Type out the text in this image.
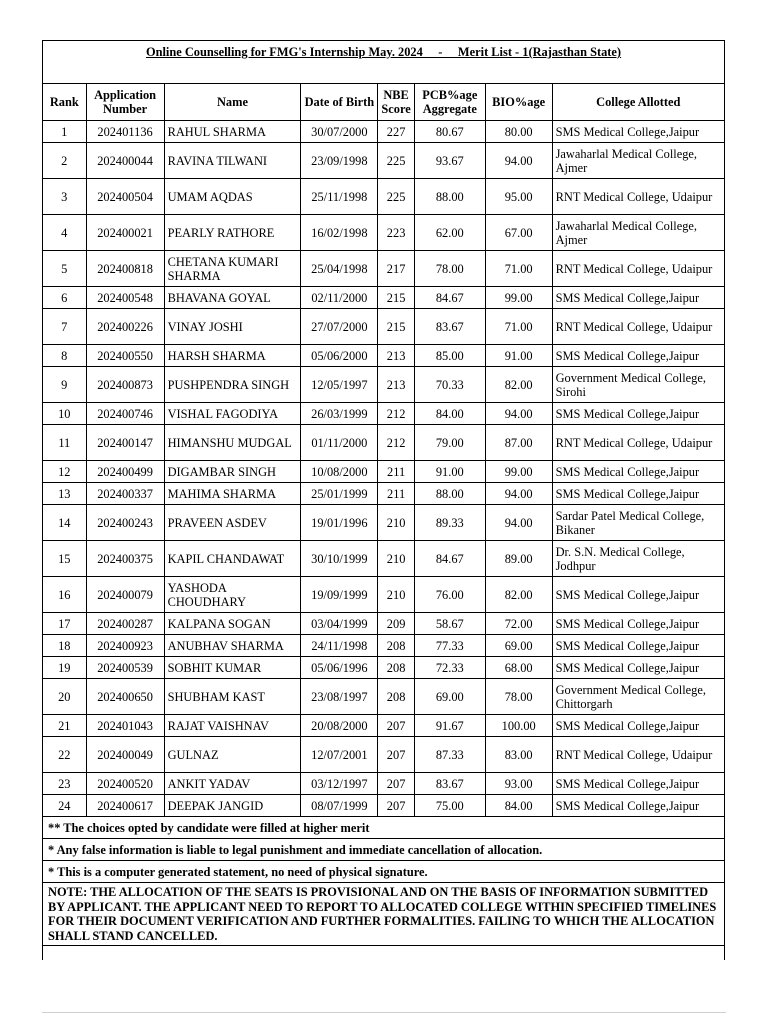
Online Counselling for FMG's Internship May. 2024     -     Merit List - 1(Rajasthan State)							
Rank	Application Number	Name	Date of Birth	NBE Score	PCB%age Aggregate	BIO%age	College Allotted
1	202401136	RAHUL SHARMA	30/07/2000	227	80.67	80.00	SMS Medical College,Jaipur
2	202400044	RAVINA TILWANI	23/09/1998	225	93.67	94.00	Jawaharlal Medical College, Ajmer
3	202400504	UMAM AQDAS	25/11/1998	225	88.00	95.00	RNT Medical College, Udaipur
4	202400021	PEARLY RATHORE	16/02/1998	223	62.00	67.00	Jawaharlal Medical College, Ajmer
5	202400818	CHETANA KUMARI SHARMA	25/04/1998	217	78.00	71.00	RNT Medical College, Udaipur
6	202400548	BHAVANA GOYAL	02/11/2000	215	84.67	99.00	SMS Medical College,Jaipur
7	202400226	VINAY JOSHI	27/07/2000	215	83.67	71.00	RNT Medical College, Udaipur
8	202400550	HARSH SHARMA	05/06/2000	213	85.00	91.00	SMS Medical College,Jaipur
9	202400873	PUSHPENDRA SINGH	12/05/1997	213	70.33	82.00	Government Medical College, Sirohi
10	202400746	VISHAL FAGODIYA	26/03/1999	212	84.00	94.00	SMS Medical College,Jaipur
11	202400147	HIMANSHU MUDGAL	01/11/2000	212	79.00	87.00	RNT Medical College, Udaipur
12	202400499	DIGAMBAR SINGH	10/08/2000	211	91.00	99.00	SMS Medical College,Jaipur
13	202400337	MAHIMA SHARMA	25/01/1999	211	88.00	94.00	SMS Medical College,Jaipur
14	202400243	PRAVEEN ASDEV	19/01/1996	210	89.33	94.00	Sardar Patel Medical College, Bikaner
15	202400375	KAPIL CHANDAWAT	30/10/1999	210	84.67	89.00	Dr. S.N. Medical College, Jodhpur
16	202400079	YASHODA CHOUDHARY	19/09/1999	210	76.00	82.00	SMS Medical College,Jaipur
17	202400287	KALPANA SOGAN	03/04/1999	209	58.67	72.00	SMS Medical College,Jaipur
18	202400923	ANUBHAV SHARMA	24/11/1998	208	77.33	69.00	SMS Medical College,Jaipur
19	202400539	SOBHIT KUMAR	05/06/1996	208	72.33	68.00	SMS Medical College,Jaipur
20	202400650	SHUBHAM KAST	23/08/1997	208	69.00	78.00	Government Medical College, Chittorgarh
21	202401043	RAJAT VAISHNAV	20/08/2000	207	91.67	100.00	SMS Medical College,Jaipur
22	202400049	GULNAZ	12/07/2001	207	87.33	83.00	RNT Medical College, Udaipur
23	202400520	ANKIT YADAV	03/12/1997	207	83.67	93.00	SMS Medical College,Jaipur
24	202400617	DEEPAK JANGID	08/07/1999	207	75.00	84.00	SMS Medical College,Jaipur
** The choices opted by candidate were filled at higher merit							
* Any false information is liable to legal punishment and immediate cancellation of allocation.							
* This is a computer generated statement, no need of physical signature.							
NOTE: THE ALLOCATION OF THE SEATS IS PROVISIONAL AND ON THE BASIS OF INFORMATION SUBMITTED BY APPLICANT. THE APPLICANT NEED TO REPORT TO ALLOCATED COLLEGE WITHIN SPECIFIED TIMELINES FOR THEIR DOCUMENT VERIFICATION AND FURTHER FORMALITIES. FAILING TO WHICH THE ALLOCATION SHALL STAND CANCELLED.							
